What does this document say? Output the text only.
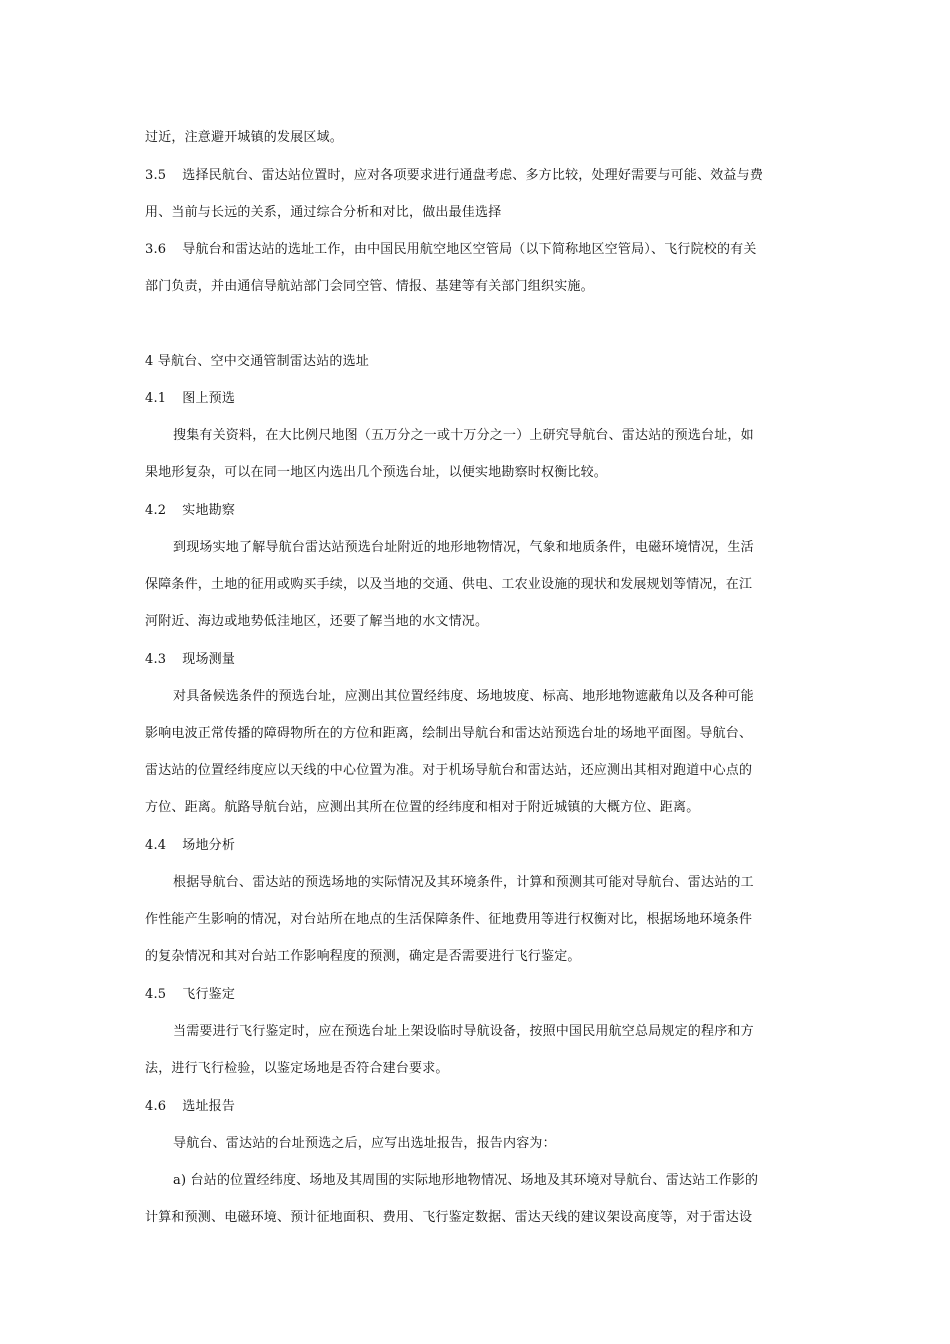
过近，注意避开城镇的发展区域。
3.5 选择民航台、雷达站位置时，应对各项要求进行通盘考虑、多方比较，处理好需要与可能、效益与费
用、当前与长远的关系，通过综合分析和对比，做出最佳选择
3.6 导航台和雷达站的选址工作，由中国民用航空地区空管局（以下简称地区空管局）、飞行院校的有关
部门负责，并由通信导航站部门会同空管、情报、基建等有关部门组织实施。
4 导航台、空中交通管制雷达站的选址
4.1 图上预选
搜集有关资料，在大比例尺地图（五万分之一或十万分之一）上研究导航台、雷达站的预选台址，如
果地形复杂，可以在同一地区内选出几个预选台址，以便实地勘察时权衡比较。
4.2 实地勘察
到现场实地了解导航台雷达站预选台址附近的地形地物情况，气象和地质条件，电磁环境情况，生活
保障条件，土地的征用或购买手续，以及当地的交通、供电、工农业设施的现状和发展规划等情况，在江
河附近、海边或地势低洼地区，还要了解当地的水文情况。
4.3 现场测量
对具备候选条件的预选台址，应测出其位置经纬度、场地坡度、标高、地形地物遮蔽角以及各种可能
影响电波正常传播的障碍物所在的方位和距离，绘制出导航台和雷达站预选台址的场地平面图。导航台、
雷达站的位置经纬度应以天线的中心位置为准。对于机场导航台和雷达站，还应测出其相对跑道中心点的
方位、距离。航路导航台站，应测出其所在位置的经纬度和相对于附近城镇的大概方位、距离。
4.4 场地分析
根据导航台、雷达站的预选场地的实际情况及其环境条件，计算和预测其可能对导航台、雷达站的工
作性能产生影响的情况，对台站所在地点的生活保障条件、征地费用等进行权衡对比，根据场地环境条件
的复杂情况和其对台站工作影响程度的预测，确定是否需要进行飞行鉴定。
4.5 飞行鉴定
当需要进行飞行鉴定时，应在预选台址上架设临时导航设备，按照中国民用航空总局规定的程序和方
法，进行飞行检验，以鉴定场地是否符合建台要求。
4.6 选址报告
导航台、雷达站的台址预选之后，应写出选址报告，报告内容为：
a) 台站的位置经纬度、场地及其周围的实际地形地物情况、场地及其环境对导航台、雷达站工作影的
计算和预测、电磁环境、预计征地面积、费用、飞行鉴定数据、雷达天线的建议架设高度等，对于雷达设
